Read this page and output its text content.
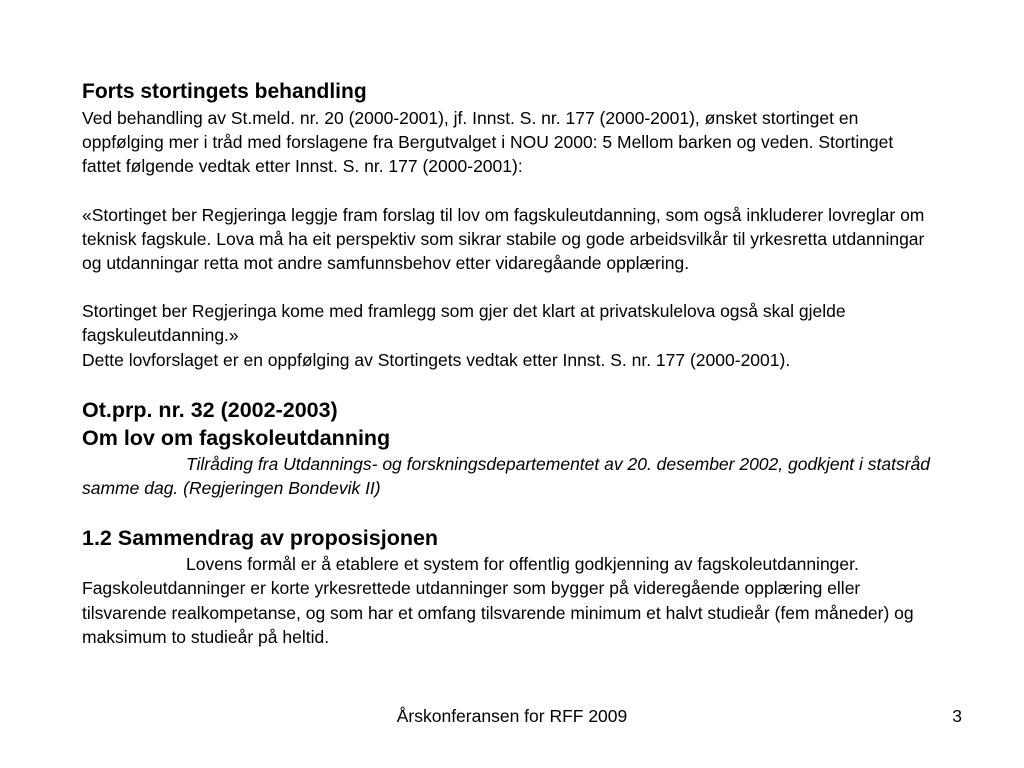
Forts stortingets behandling

Ved behandling av St.meld. nr. 20 (2000-2001), jf. Innst. S. nr. 177 (2000-2001), ønsket stortinget en oppfølging mer i tråd med forslagene fra Bergutvalget i NOU 2000: 5 Mellom barken og veden. Stortinget fattet følgende vedtak etter Innst. S. nr. 177 (2000-2001):

«Stortinget ber Regjeringa leggje fram forslag til lov om fagskuleutdanning, som også inkluderer lovreglar om teknisk fagskule. Lova må ha eit perspektiv som sikrar stabile og gode arbeidsvilkår til yrkesretta utdanningar og utdanningar retta mot andre samfunnsbehov etter vidaregåande opplæring.

Stortinget ber Regjeringa kome med framlegg som gjer det klart at privatskulelova også skal gjelde fagskuleutdanning.»

Dette lovforslaget er en oppfølging av Stortingets vedtak etter Innst. S. nr. 177 (2000-2001).

Ot.prp. nr. 32 (2002-2003)

Om lov om fagskoleutdanning

Tilråding fra Utdannings- og forskningsdepartementet av 20. desember 2002, godkjent i statsråd samme dag. (Regjeringen Bondevik II)

1.2 Sammendrag av proposisjonen

Lovens formål er å etablere et system for offentlig godkjenning av fagskoleutdanninger. Fagskoleutdanninger er korte yrkesrettede utdanninger som bygger på videregående opplæring eller tilsvarende realkompetanse, og som har et omfang tilsvarende minimum et halvt studieår (fem måneder) og maksimum to studieår på heltid.

Årskonferansen for RFF 2009	3
